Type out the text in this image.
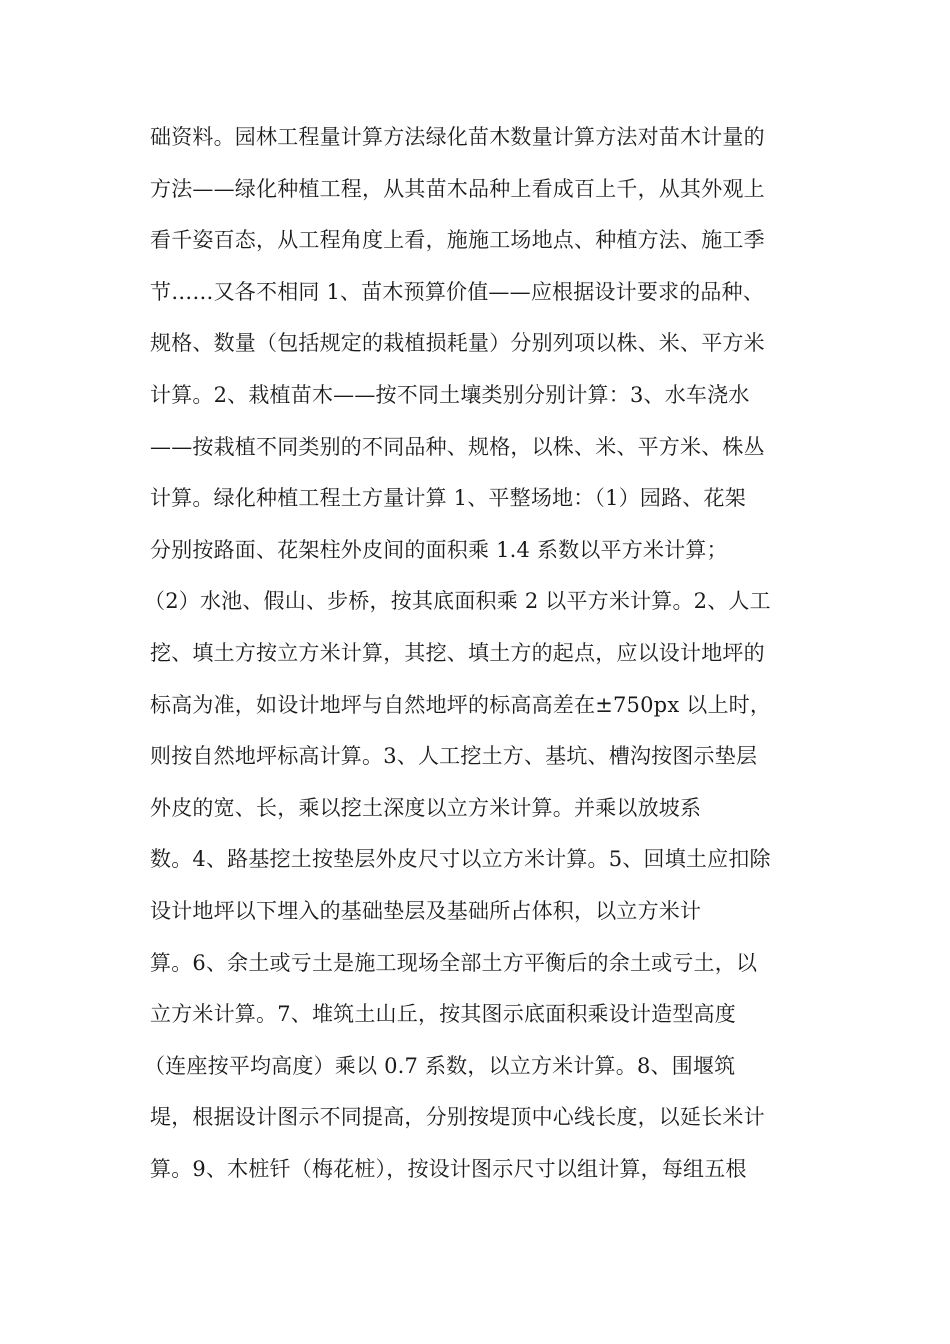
础资料。园林工程量计算方法绿化苗木数量计算方法对苗木计量的
方法——绿化种植工程，从其苗木品种上看成百上千，从其外观上
看千姿百态，从工程角度上看，施施工场地点、种植方法、施工季
节……又各不相同 1、苗木预算价值——应根据设计要求的品种、
规格、数量（包括规定的栽植损耗量）分别列项以株、米、平方米
计算。2、栽植苗木——按不同土壤类别分别计算：3、水车浇水
——按栽植不同类别的不同品种、规格，以株、米、平方米、株丛
计算。绿化种植工程土方量计算 1、平整场地：（1）园路、花架
分别按路面、花架柱外皮间的面积乘 1.4 系数以平方米计算；
（2）水池、假山、步桥，按其底面积乘 2 以平方米计算。2、人工
挖、填土方按立方米计算，其挖、填土方的起点，应以设计地坪的
标高为准，如设计地坪与自然地坪的标高高差在±750px 以上时，
则按自然地坪标高计算。3、人工挖土方、基坑、槽沟按图示垫层
外皮的宽、长，乘以挖土深度以立方米计算。并乘以放坡系
数。4、路基挖土按垫层外皮尺寸以立方米计算。5、回填土应扣除
设计地坪以下埋入的基础垫层及基础所占体积，以立方米计
算。6、余土或亏土是施工现场全部土方平衡后的余土或亏土，以
立方米计算。7、堆筑土山丘，按其图示底面积乘设计造型高度
（连座按平均高度）乘以 0.7 系数，以立方米计算。8、围堰筑
堤，根据设计图示不同提高，分别按堤顶中心线长度，以延长米计
算。9、木桩钎（梅花桩），按设计图示尺寸以组计算，每组五根
